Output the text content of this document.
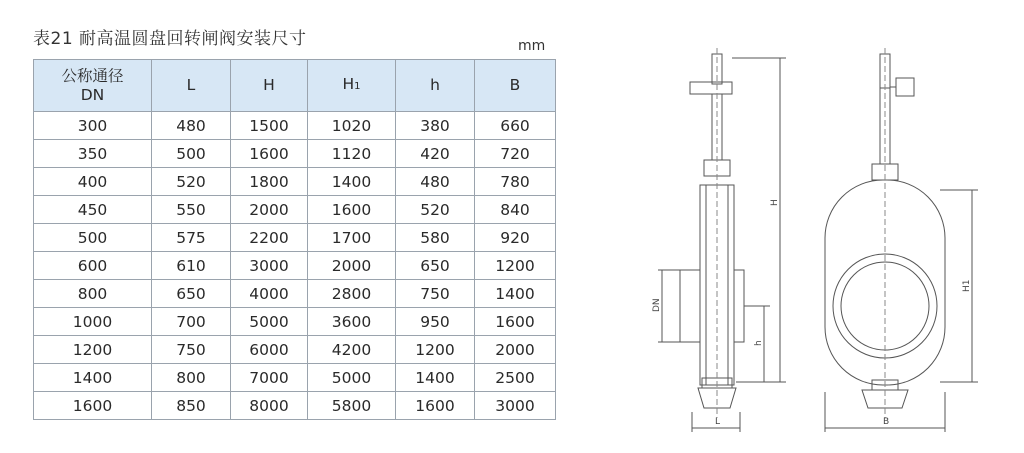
表21 耐高温圆盘回转闸阀安装尺寸	mm
公称通径
DN	L	H	H1	h	B
300	480	1500	1020	380	660
350	500	1600	1120	420	720
400	520	1800	1400	480	780
450	550	2000	1600	520	840
500	575	2200	1700	580	920
600	610	3000	2000	650	1200
800	650	4000	2800	750	1400
1000	700	5000	3600	950	1600
1200	750	6000	4200	1200	2000
1400	800	7000	5000	1400	2500
1600	850	8000	5800	1600	3000
DN
L
H
h
H1
B
